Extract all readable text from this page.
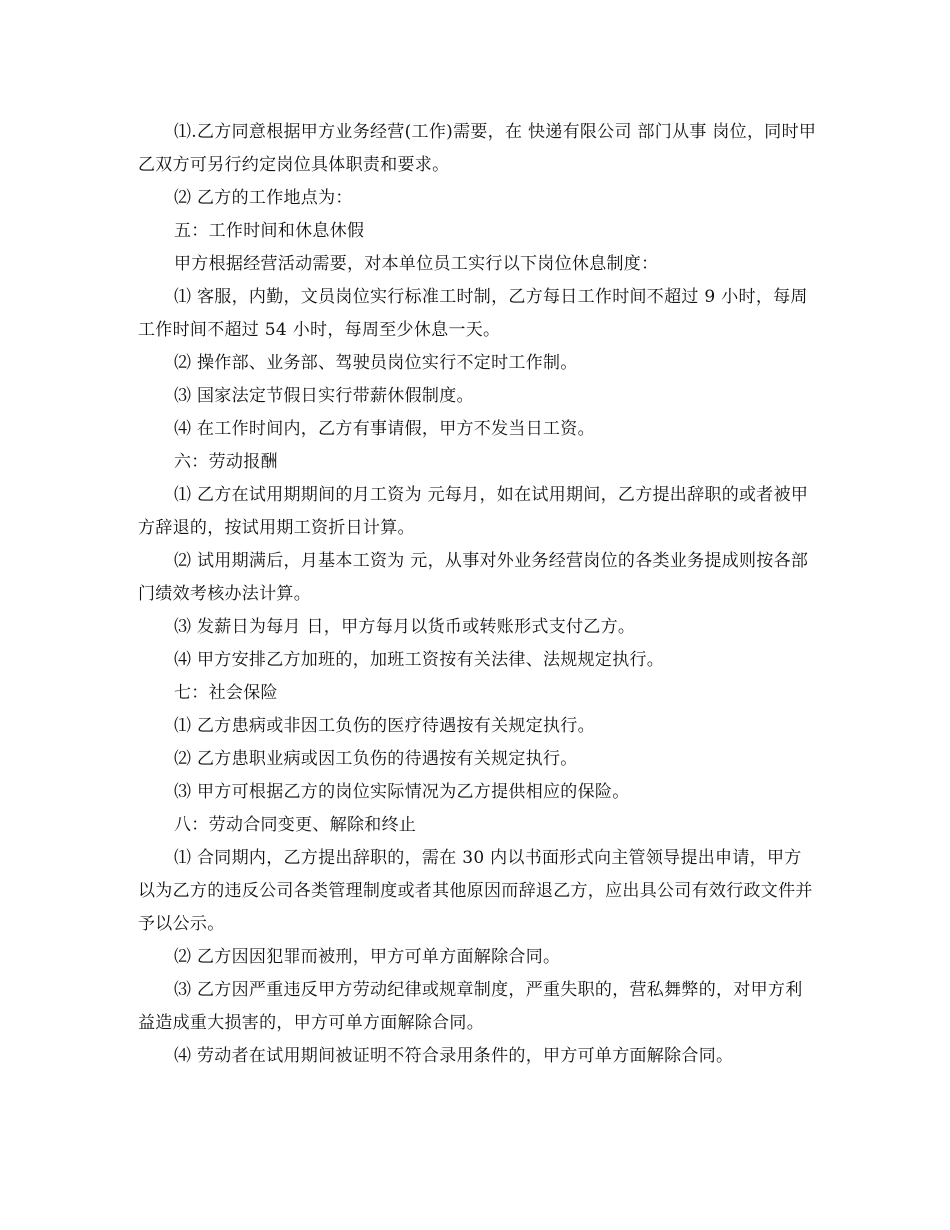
⑴.乙方同意根据甲方业务经营(工作)需要，在 快递有限公司 部门从事 岗位，同时甲乙双方可另行约定岗位具体职责和要求。

⑵ 乙方的工作地点为：

五：工作时间和休息休假

甲方根据经营活动需要，对本单位员工实行以下岗位休息制度：

⑴ 客服，内勤，文员岗位实行标准工时制，乙方每日工作时间不超过 9 小时，每周工作时间不超过 54 小时，每周至少休息一天。

⑵ 操作部、业务部、驾驶员岗位实行不定时工作制。

⑶ 国家法定节假日实行带薪休假制度。

⑷ 在工作时间内，乙方有事请假，甲方不发当日工资。

六：劳动报酬

⑴ 乙方在试用期期间的月工资为 元每月，如在试用期间，乙方提出辞职的或者被甲方辞退的，按试用期工资折日计算。

⑵ 试用期满后，月基本工资为 元，从事对外业务经营岗位的各类业务提成则按各部门绩效考核办法计算。

⑶ 发薪日为每月 日，甲方每月以货币或转账形式支付乙方。

⑷ 甲方安排乙方加班的，加班工资按有关法律、法规规定执行。

七：社会保险

⑴ 乙方患病或非因工负伤的医疗待遇按有关规定执行。

⑵ 乙方患职业病或因工负伤的待遇按有关规定执行。

⑶ 甲方可根据乙方的岗位实际情况为乙方提供相应的保险。

八：劳动合同变更、解除和终止

⑴ 合同期内，乙方提出辞职的，需在 30 内以书面形式向主管领导提出申请，甲方以为乙方的违反公司各类管理制度或者其他原因而辞退乙方，应出具公司有效行政文件并予以公示。

⑵ 乙方因因犯罪而被刑，甲方可单方面解除合同。

⑶ 乙方因严重违反甲方劳动纪律或规章制度，严重失职的，营私舞弊的，对甲方利益造成重大损害的，甲方可单方面解除合同。

⑷ 劳动者在试用期间被证明不符合录用条件的，甲方可单方面解除合同。
